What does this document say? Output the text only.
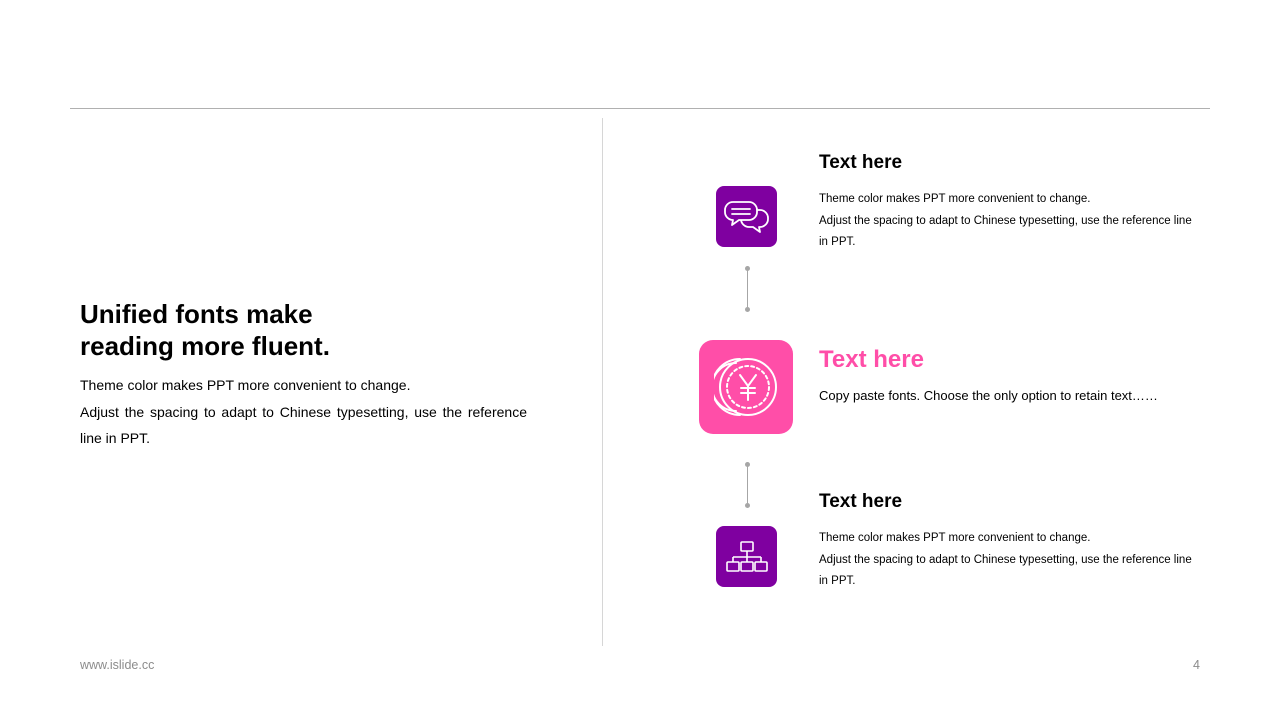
Unified fonts make
reading more fluent.
Theme color makes PPT more convenient to change.
Adjust the spacing to adapt to Chinese typesetting, use the reference line in PPT.
Text here
Theme color makes PPT more convenient to change.
Adjust the spacing to adapt to Chinese typesetting, use the reference line in PPT.
Text here
Copy paste fonts. Choose the only option to retain text……
Text here
Theme color makes PPT more convenient to change.
Adjust the spacing to adapt to Chinese typesetting, use the reference line in PPT.
www.islide.cc	4
